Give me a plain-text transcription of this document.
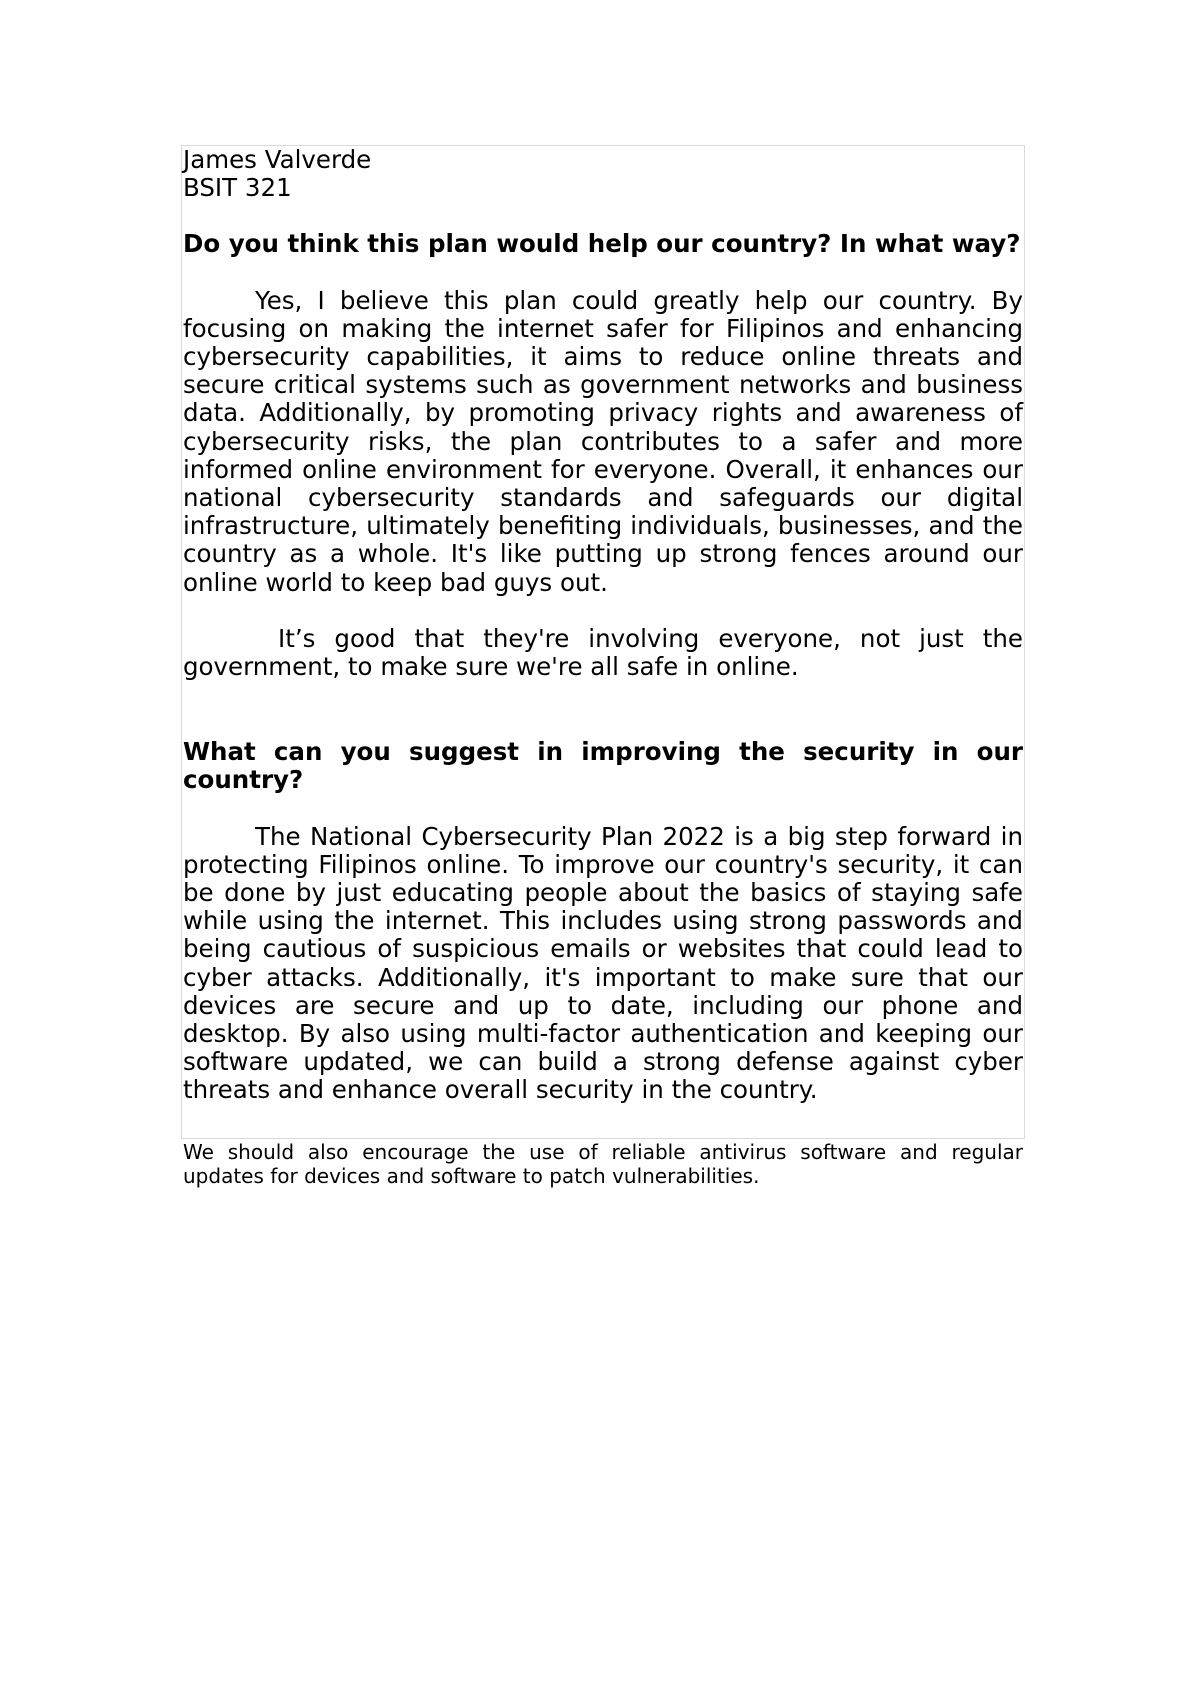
James Valverde
BSIT 321

Do you think this plan would help our country? In what way?

Yes, I believe this plan could greatly help our country. By focusing on making the internet safer for Filipinos and enhancing cybersecurity capabilities, it aims to reduce online threats and secure critical systems such as government networks and business data. Additionally, by promoting privacy rights and awareness of cybersecurity risks, the plan contributes to a safer and more informed online environment for everyone. Overall, it enhances our national cybersecurity standards and safeguards our digital infrastructure, ultimately benefiting individuals, businesses, and the country as a whole. It's like putting up strong fences around our online world to keep bad guys out.

It’s good that they're involving everyone, not just the government, to make sure we're all safe in online.

What can you suggest in improving the security in our country?

The National Cybersecurity Plan 2022 is a big step forward in protecting Filipinos online. To improve our country's security, it can be done by just educating people about the basics of staying safe while using the internet. This includes using strong passwords and being cautious of suspicious emails or websites that could lead to cyber attacks. Additionally, it's important to make sure that our devices are secure and up to date, including our phone and desktop. By also using multi-factor authentication and keeping our software updated, we can build a strong defense against cyber threats and enhance overall security in the country.

We should also encourage the use of reliable antivirus software and regular updates for devices and software to patch vulnerabilities.
